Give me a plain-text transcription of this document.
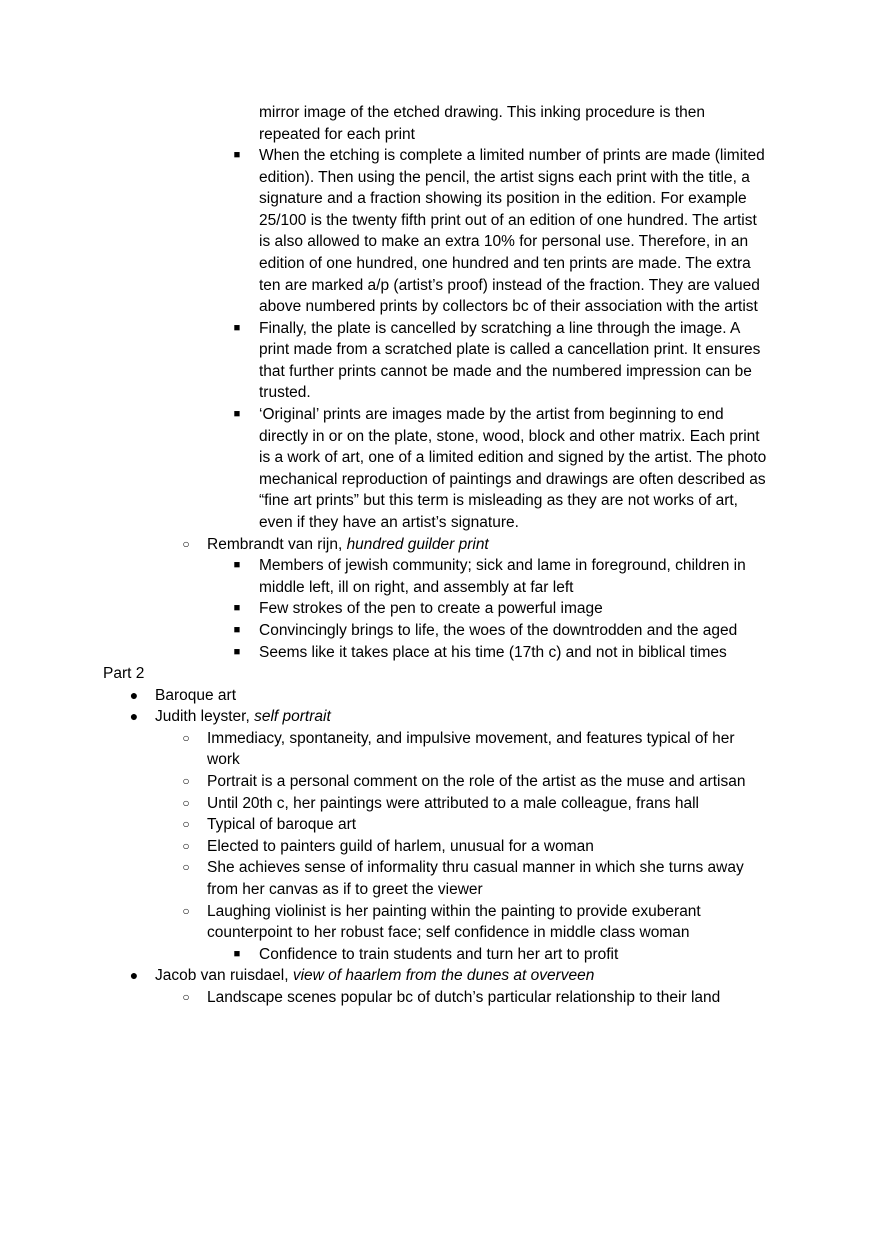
mirror image of the etched drawing. This inking procedure is then
repeated for each print
■	When the etching is complete a limited number of prints are made (limited
edition). Then using the pencil, the artist signs each print with the title, a
signature and a fraction showing its position in the edition. For example
25/100 is the twenty fifth print out of an edition of one hundred. The artist
is also allowed to make an extra 10% for personal use. Therefore, in an
edition of one hundred, one hundred and ten prints are made. The extra
ten are marked a/p (artist’s proof) instead of the fraction. They are valued
above numbered prints by collectors bc of their association with the artist
■	Finally, the plate is cancelled by scratching a line through the image. A
print made from a scratched plate is called a cancellation print. It ensures
that further prints cannot be made and the numbered impression can be
trusted.
■	‘Original’ prints are images made by the artist from beginning to end
directly in or on the plate, stone, wood, block and other matrix. Each print
is a work of art, one of a limited edition and signed by the artist. The photo
mechanical reproduction of paintings and drawings are often described as
“fine art prints” but this term is misleading as they are not works of art,
even if they have an artist’s signature.
○ Rembrandt van rijn, hundred guilder print
■	Members of jewish community; sick and lame in foreground, children in
middle left, ill on right, and assembly at far left
■	Few strokes of the pen to create a powerful image
■	Convincingly brings to life, the woes of the downtrodden and the aged
■	Seems like it takes place at his time (17th c) and not in biblical times
Part 2
● Baroque art
● Judith leyster, self portrait
○ Immediacy, spontaneity, and impulsive movement, and features typical of her
work
○ Portrait is a personal comment on the role of the artist as the muse and artisan
○ Until 20th c, her paintings were attributed to a male colleague, frans hall
○ Typical of baroque art
○ Elected to painters guild of harlem, unusual for a woman
○ She achieves sense of informality thru casual manner in which she turns away
from her canvas as if to greet the viewer
○ Laughing violinist is her painting within the painting to provide exuberant
counterpoint to her robust face; self confidence in middle class woman
■	Confidence to train students and turn her art to profit
● Jacob van ruisdael, view of haarlem from the dunes at overveen
○ Landscape scenes popular bc of dutch’s particular relationship to their land
